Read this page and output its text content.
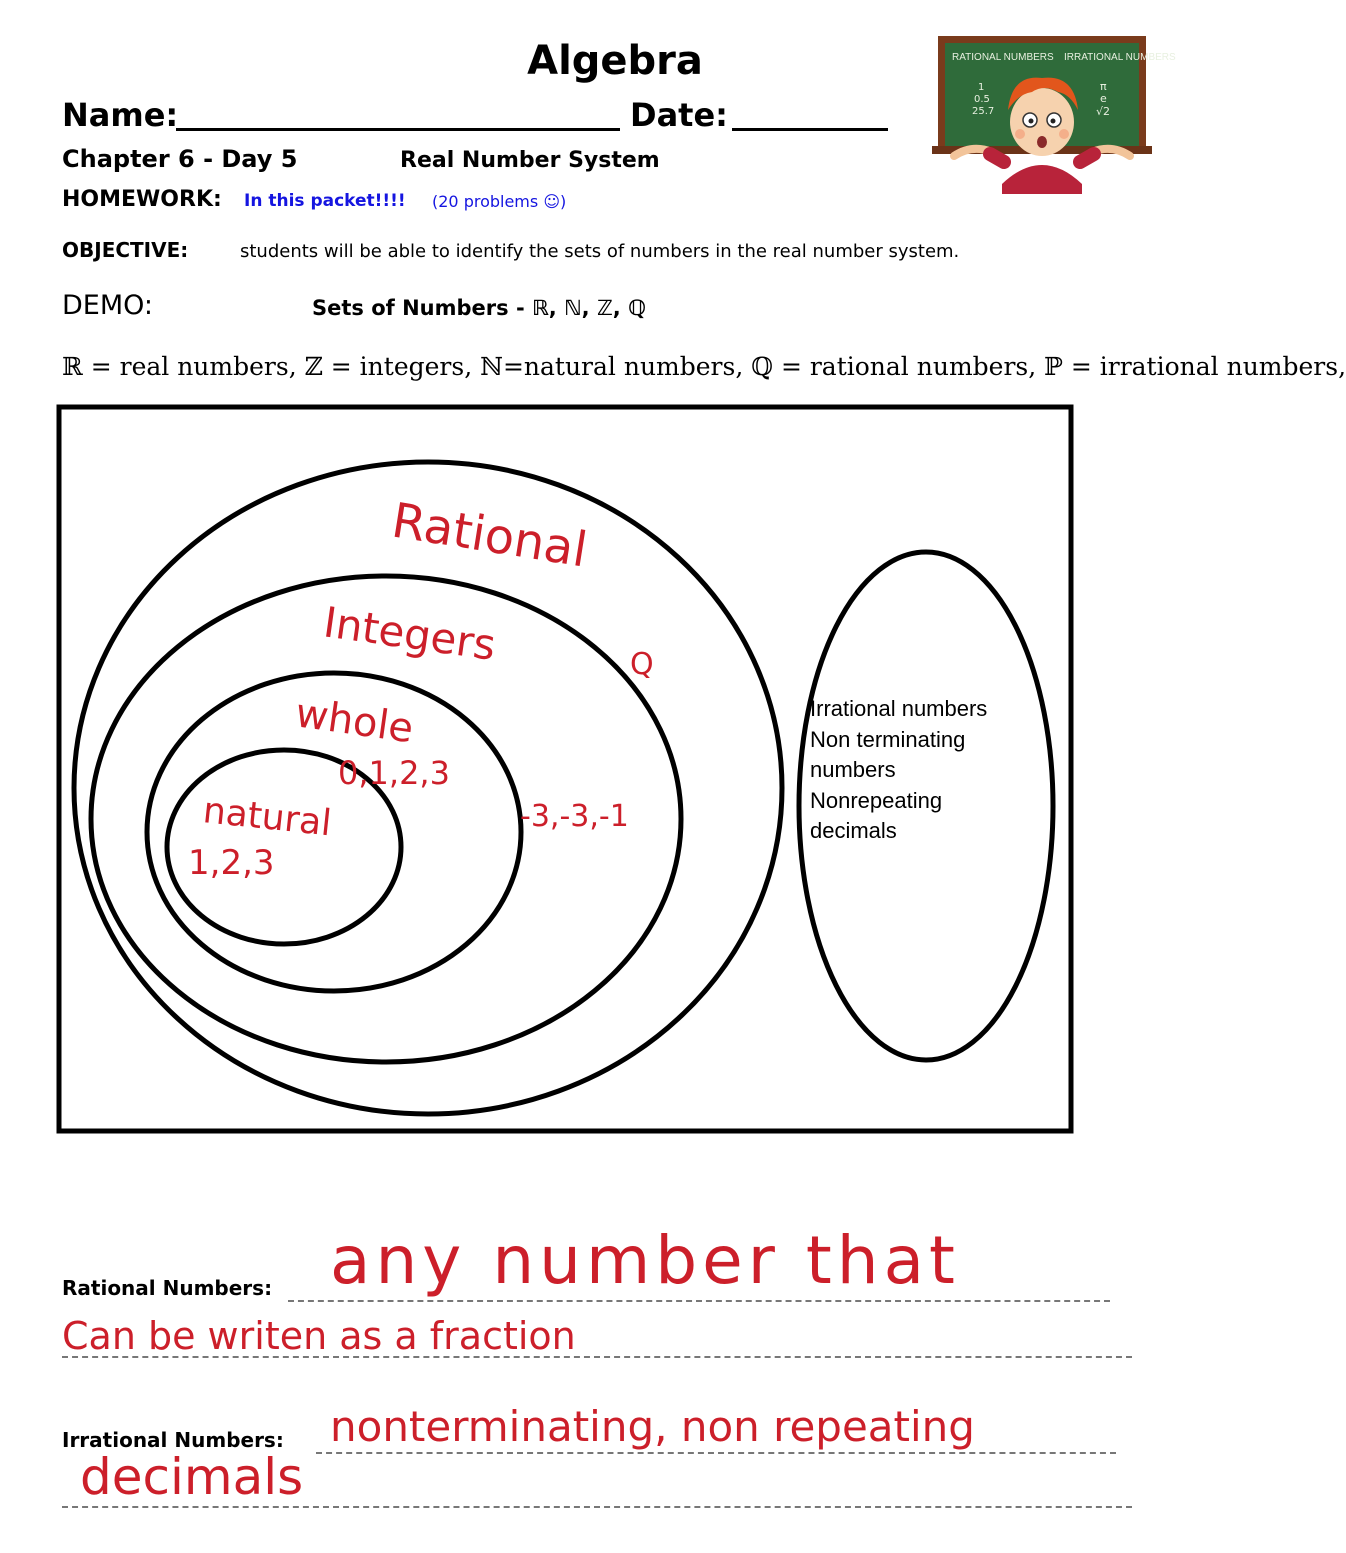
Algebra
Name:	Date:
Chapter 6 - Day 5	Real Number System
HOMEWORK: In this packet!!!! (20 problems ☺)
OBJECTIVE:	students will be able to identify the sets of numbers in the real number system.
DEMO:	Sets of Numbers - ℝ, ℕ, ℤ, ℚ
ℝ = real numbers, ℤ = integers, ℕ=natural numbers, ℚ = rational numbers, ℙ = irrational numbers,
RATIONAL NUMBERS IRRATIONAL NUMBERS
1
0.5
25.7
π
e
√2
Rational
Q
Integers
-3,-3,-1
whole
0,1,2,3
natural
1,2,3
Irrational numbers
Non terminating
numbers
Nonrepeating
decimals
Rational Numbers: any number that
Can be writen as a fraction
Irrational Numbers: nonterminating, non repeating
decimals
